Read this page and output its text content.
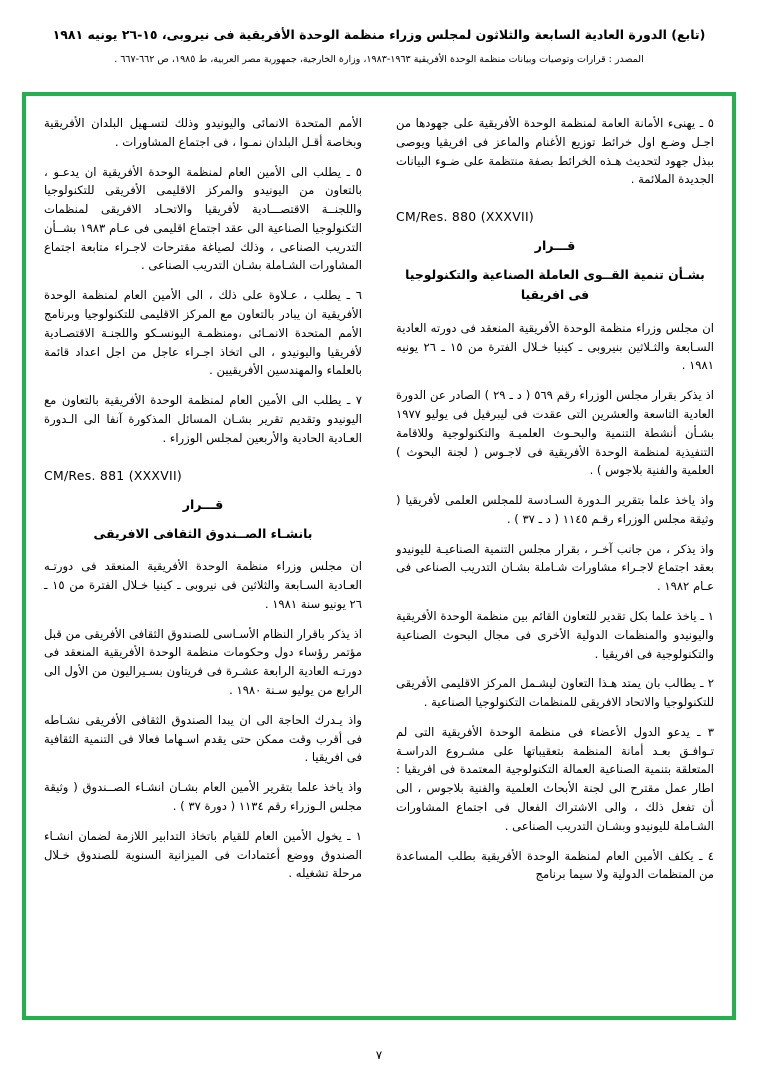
(تابع) الدورة العادية السابعة والثلاثون لمجلس وزراء منظمة الوحدة الأفريقية فى نيروبى، ١٥-٢٦ يونيه ١٩٨١
المصدر : قرارات وتوصيات وبيانات منظمة الوحدة الأفريقية ١٩٦٣-١٩٨٣، وزارة الخارجية، جمهورية مصر العربية، ط ١٩٨٥، ص ٦٦٢-٦٦٧ .

٥ ـ يهنىء الأمانة العامة لمنظمة الوحدة الأفريقية على جهودها من اجـل وضـع اول خرائط توزيع الأغنام والماعز فى افريقيا ويوصى ببذل جهود لتحديث هـذه الخرائط بصفة منتظمة على ضـوء البيانات الجديدة الملائمة .

CM/Res. 880 (XXXVII)
قـــرار
بشـأن تنمية القــوى العاملة الصناعية والتكنولوجيا فى افريقيا

ان مجلس وزراء منظمة الوحدة الأفريقية المنعقد فى دورته العادية السـابعة والثـلاثين بنيروبى ـ كينيا خـلال الفترة من ١٥ ـ ٢٦ يونيه ١٩٨١ .

اذ يذكر بقرار مجلس الوزراء رقم ٥٦٩ ( د ـ ٢٩ ) الصادر عن الدورة العادية التاسعة والعشرين التى عقدت فى ليبرفيل فى يوليو ١٩٧٧ بشـأن أنشطة التنمية والبحـوث العلميـة والتكنولوجية وللاقامة التنفيذية لمنظمة الوحدة الأفريقية فى لاجـوس ( لجنة البحوث ) العلمية والفنية بلاجوس ) .

واذ ياخذ علما بتقرير الـدورة السـادسة للمجلس العلمى لأفريقيا ( وثيقة مجلس الوزراء رقـم ١١٤٥ ( د ـ ٣٧ ) .

واذ يذكر ، من جانب آخـر ، بقرار مجلس التنمية الصناعيـة لليونيدو بعقد اجتماع لاجـراء مشاورات شـاملة بشـان التدريب الصناعى فى عـام ١٩٨٢ .

١ ـ ياخذ علما بكل تقدير للتعاون القائم بين منظمة الوحدة الأفريقية واليونيدو والمنظمات الدولية الأخرى فى مجال البحوث الصناعية والتكنولوجية فى افريقيا .

٢ ـ يطالب بان يمتد هـذا التعاون ليشـمل المركز الاقليمى الأفريقى للتكنولوجيا والاتحاد الافريقى للمنظمات التكنولوجيا الصناعية .

٣ ـ يدعو الدول الأعضاء فى منظمة الوحدة الأفريقية التى لم تـوافـق بعـد أمانة المنظمة بتعقيباتها على مشـروع الدراسـة المتعلقة بتنمية الصناعية العمالة التكنولوجية المعتمدة فى افريقيا : اطار عمل مقترح الى لجنة الأبحاث العلمية والفنية بلاجوس ، الى أن تفعل ذلك ، والى الاشتراك الفعال فى اجتماع المشاورات الشـاملة لليونيدو وبشـان التدريب الصناعى .

٤ ـ يكلف الأمين العام لمنظمة الوحدة الأفريقية بطلب المساعدة من المنظمات الدولية ولا سيما برنامج

الأمم المتحدة الانمائى واليونيدو وذلك لتسـهيل البلدان الأفريقية وبخاصة أقـل البلدان نمـوا ، فى اجتماع المشاورات .

٥ ـ يطلب الى الأمين العام لمنظمة الوحدة الأفريقية ان يدعـو ، بالتعاون من اليونيدو والمركز الاقليمى الأفريقى للتكنولوجيا واللجنــة الاقتصـــادية لأفريقيا والاتحـاد الافريقى لمنظمات التكنولوجيا الصناعية الى عقد اجتماع اقليمى فى عـام ١٩٨٣ بشــأن التدريب الصناعى ، وذلك لصياغة مقترحات لاجـراء متابعة اجتماع المشاورات الشـاملة بشـان التدريب الصناعى .

٦ ـ يطلب ، عـلاوة على ذلك ، الى الأمين العام لمنظمة الوحدة الأفريقية ان يبادر بالتعاون مع المركز الاقليمى للتكنولوجيا وبرنامج الأمم المتحدة الانمـائى ،ومنظمـة اليونسـكو واللجنـة الاقتصـادية لأفريقيا واليونيدو ، الى اتخاذ اجـراء عاجل من اجل اعداد قائمة بالعلماء والمهندسين الأفريقيين .

٧ ـ يطلب الى الأمين العام لمنظمة الوحدة الأفريقية بالتعاون مع اليونيدو وتقديم تقرير بشـان المسائل المذكورة آنفا الى الـدورة العـادية الحادية والأربعين لمجلس الوزراء .

CM/Res. 881 (XXXVII)
قـــرار
بانشـاء الصــندوق الثقافى الافريقى

ان مجلس وزراء منظمة الوحدة الأفريقية المنعقد فى دورتـه العـادية السـابعة والثلاثين فى نيروبى ـ كينيا خـلال الفترة من ١٥ ـ ٢٦ يونيو سنة ١٩٨١ .

اذ يذكر باقرار النظام الأسـاسى للصندوق الثقافى الأفريقى من قبل مؤتمر رؤساء دول وحكومات منظمة الوحدة الأفريقية المنعقد فى دورتـه العادية الرابعة عشـرة فى فريتاون بسـيراليون من الأول الى الرابع من يوليو سـنة ١٩٨٠ .

واذ يـدرك الحاجة الى ان يبدا الصندوق الثقافى الأفريقى نشـاطه فى أقرب وقت ممكن حتى يقدم اسـهاما فعالا فى التنمية الثقافية فى افريقيا .

واذ ياخذ علما بتقرير الأمين العام بشـان انشـاء الصــندوق ( وثيقة مجلس الـوزراء رقم ١١٣٤ ( دورة ٣٧ ) .

١ ـ يخول الأمين العام للقيام باتخاذ التدابير اللازمة لضمان انشـاء الصندوق ووضع أعتمادات فى الميزانية السنوية للصندوق خـلال مرحلة تشغيله .

٧
